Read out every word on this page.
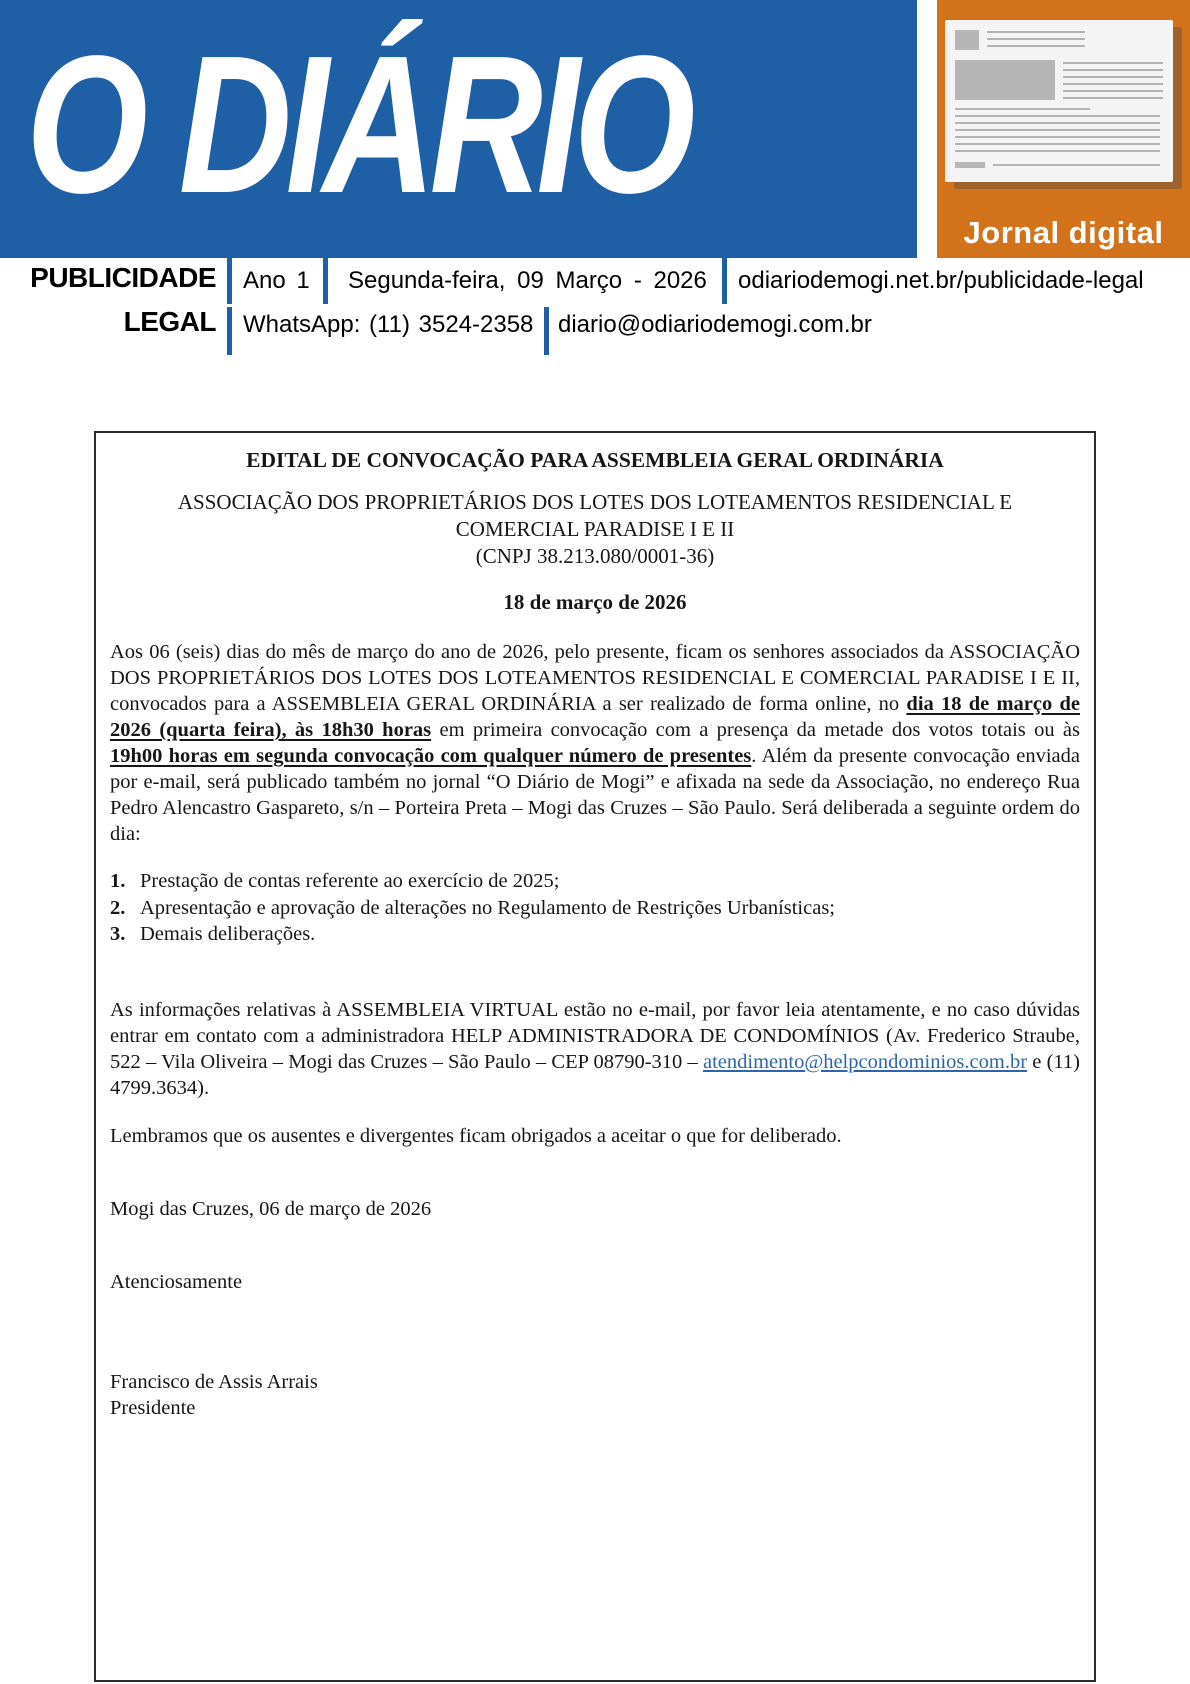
O DIÁRIO	Jornal digital
PUBLICIDADE
LEGAL
Ano 1 Segunda-feira, 09 Março - 2026 odiariodemogi.net.br/publicidade-legal
WhatsApp: (11) 3524-2358 diario@odiariodemogi.com.br
EDITAL DE CONVOCAÇÃO PARA ASSEMBLEIA GERAL ORDINÁRIA
ASSOCIAÇÃO DOS PROPRIETÁRIOS DOS LOTES DOS LOTEAMENTOS RESIDENCIAL E
COMERCIAL PARADISE I E II
(CNPJ 38.213.080/0001-36)
18 de março de 2026
Aos 06 (seis) dias do mês de março do ano de 2026, pelo presente, ficam os senhores associados da ASSOCIAÇÃO DOS PROPRIETÁRIOS DOS LOTES DOS LOTEAMENTOS RESIDENCIAL E COMERCIAL PARADISE I E II, convocados para a ASSEMBLEIA GERAL ORDINÁRIA a ser realizado de forma online, no dia 18 de março de 2026 (quarta feira), às 18h30 horas em primeira convocação com a presença da metade dos votos totais ou às 19h00 horas em segunda convocação com qualquer número de presentes. Além da presente convocação enviada por e-mail, será publicado também no jornal “O Diário de Mogi” e afixada na sede da Associação, no endereço Rua Pedro Alencastro Gaspareto, s/n – Porteira Preta – Mogi das Cruzes – São Paulo. Será deliberada a seguinte ordem do dia:
1. Prestação de contas referente ao exercício de 2025;
2. Apresentação e aprovação de alterações no Regulamento de Restrições Urbanísticas;
3. Demais deliberações.
As informações relativas à ASSEMBLEIA VIRTUAL estão no e-mail, por favor leia atentamente, e no caso dúvidas entrar em contato com a administradora HELP ADMINISTRADORA DE CONDOMÍNIOS (Av. Frederico Straube, 522 – Vila Oliveira – Mogi das Cruzes – São Paulo – CEP 08790-310 – atendimento@helpcondominios.com.br e (11) 4799.3634).
Lembramos que os ausentes e divergentes ficam obrigados a aceitar o que for deliberado.
Mogi das Cruzes, 06 de março de 2026
Atenciosamente
Francisco de Assis Arrais
Presidente
